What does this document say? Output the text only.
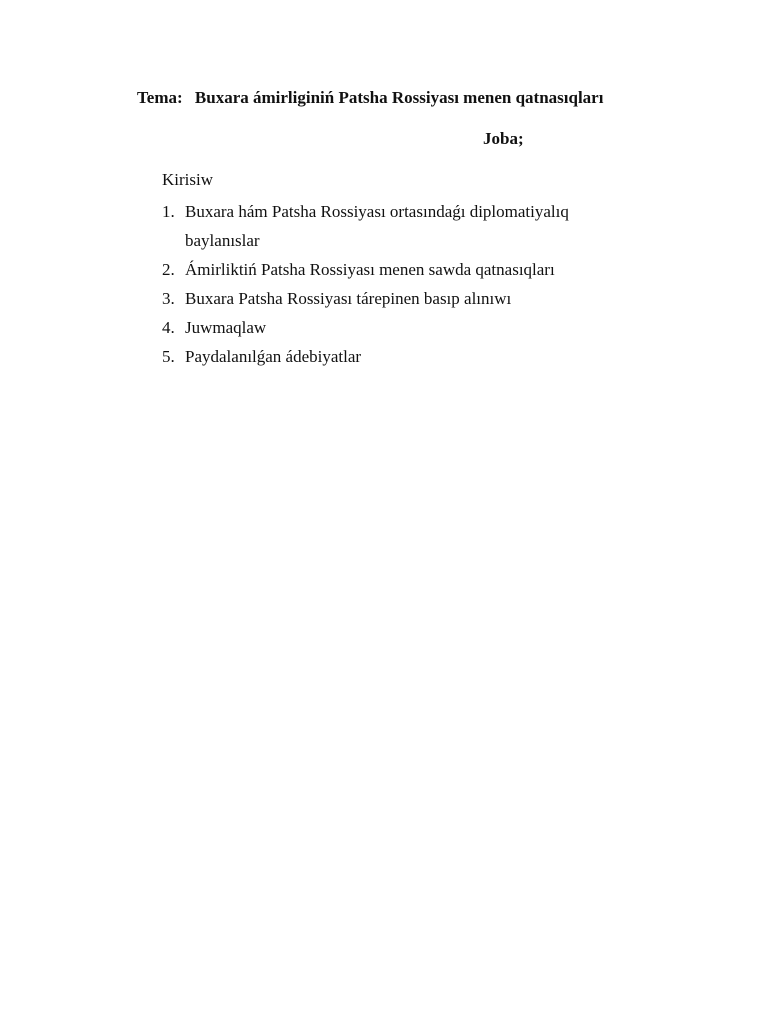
Tema: Buxara ámirliginiń Patsha Rossiyası menen qatnasıqları
Joba;
Kirisiw
1. Buxara hám Patsha Rossiyası ortasındaǵı diplomatiyalıq baylanıslar
2. Ámirliktiń Patsha Rossiyası menen sawda qatnasıqları
3. Buxara Patsha Rossiyası tárepinen basıp alınıwı
4. Juwmaqlaw
5. Paydalanılǵan ádebiyatlar
